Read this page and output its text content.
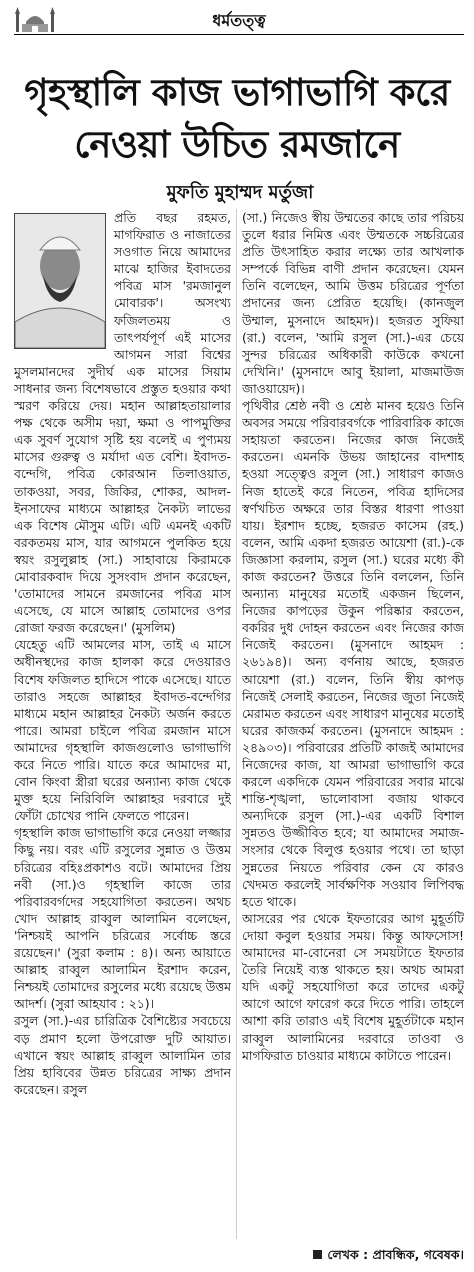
ধর্মতত্ত্ব
গৃহস্থালি কাজ ভাগাভাগি করে
নেওয়া উচিত রমজানে
মুফতি মুহাম্মদ মর্তুজা

প্রতি বছর রহমত, মাগফিরাত ও নাজাতের সওগাত নিয়ে আমাদের মাঝে হাজির ইবাদতের পবিত্র মাস 'রমজানুল মোবারক'। অসংখ্য ফজিলতময় ও তাৎপর্যপূর্ণ এই মাসের আগমন সারা বিশ্বের মুসলমানদের সুদীর্ঘ এক মাসের সিয়াম সাধনার জন্য বিশেষভাবে প্রস্তুত হওয়ার কথা স্মরণ করিয়ে দেয়। মহান আল্লাহতায়ালার পক্ষ থেকে অসীম দয়া, ক্ষমা ও পাপমুক্তির এক সুবর্ণ সুযোগ সৃষ্টি হয় বলেই এ পুণ্যময় মাসের গুরুত্ব ও মর্যাদা এত বেশি। ইবাদত-বন্দেগি, পবিত্র কোরআন তিলাওয়াত, তাকওয়া, সবর, জিকির, শোকর, আদল-ইনসাফের মাধ্যমে আল্লাহর নৈকট্য লাভের এক বিশেষ মৌসুম এটি। এটি এমনই একটি বরকতময় মাস, যার আগমনে পুলকিত হয়ে স্বয়ং রসুলুল্লাহ (সা.) সাহাবায়ে কিরামকে মোবারকবাদ দিয়ে সুসংবাদ প্রদান করেছেন, 'তোমাদের সামনে রমজানের পবিত্র মাস এসেছে, যে মাসে আল্লাহ তোমাদের ওপর রোজা ফরজ করেছেন।' (মুসলিম)

যেহেতু এটি আমলের মাস, তাই এ মাসে অধীনস্থদের কাজ হালকা করে দেওয়ারও বিশেষ ফজিলত হাদিসে পাকে এসেছে। যাতে তারাও সহজে আল্লাহর ইবাদত-বন্দেগির মাধ্যমে মহান আল্লাহর নৈকট্য অর্জন করতে পারে। আমরা চাইলে পবিত্র রমজান মাসে আমাদের গৃহস্থালি কাজগুলোও ভাগাভাগি করে নিতে পারি। যাতে করে আমাদের মা, বোন কিংবা স্ত্রীরা ঘরের অন্যান্য কাজ থেকে মুক্ত হয়ে নিরিবিলি আল্লাহর দরবারে দুই ফোঁটা চোখের পানি ফেলতে পারেন।

গৃহস্থালি কাজ ভাগাভাগি করে নেওয়া লজ্জার কিছু নয়। বরং এটি রসুলের সুন্নাত ও উত্তম চরিত্রের বহিঃপ্রকাশও বটে। আমাদের প্রিয় নবী (সা.)ও গৃহস্থালি কাজে তার পরিবারবর্গদের সহযোগিতা করতেন। অথচ খোদ আল্লাহ রাব্বুল আলামিন বলেছেন, 'নিশ্চয়ই আপনি চরিত্রের সর্বোচ্চ স্তরে রয়েছেন।' (সুরা কলাম : ৪)। অন্য আয়াতে আল্লাহ রাব্বুল আলামিন ইরশাদ করেন, নিশ্চয়ই তোমাদের রসুলের মধ্যে রয়েছে উত্তম আদর্শ। (সুরা আহযাব : ২১)।

রসুল (সা.)-এর চারিত্রিক বৈশিষ্ট্যের সবচেয়ে বড় প্রমাণ হলো উপরোক্ত দুটি আয়াত। এখানে স্বয়ং আল্লাহ রাব্বুল আলামিন তার প্রিয় হাবিবের উন্নত চরিত্রের সাক্ষ্য প্রদান করেছেন। রসুল

(সা.) নিজেও স্বীয় উম্মতের কাছে তার পরিচয় তুলে ধরার নিমিত্ত এবং উম্মতকে সচ্চরিত্রের প্রতি উৎসাহিত করার লক্ষ্যে তার আখলাক সম্পর্কে বিভিন্ন বাণী প্রদান করেছেন। যেমন তিনি বলেছেন, আমি উত্তম চরিত্রের পূর্ণতা প্রদানের জন্য প্রেরিত হয়েছি। (কানজুল উম্মাল, মুসনাদে আহমদ)। হজরত সুফিয়া (রা.) বলেন, 'আমি রসুল (সা.)-এর চেয়ে সুন্দর চরিত্রের অধিকারী কাউকে কখনো দেখিনি।' (মুসনাদে আবু ইয়ালা, মাজমাউজ জাওয়ায়েদ)।

পৃথিবীর শ্রেষ্ঠ নবী ও শ্রেষ্ঠ মানব হয়েও তিনি অবসর সময়ে পরিবারবর্গকে পারিবারিক কাজে সহায়তা করতেন। নিজের কাজ নিজেই করতেন। এমনকি উভয় জাহানের বাদশাহ হওয়া সত্ত্বেও রসুল (সা.) সাধারণ কাজও নিজ হাতেই করে নিতেন, পবিত্র হাদিসের স্বর্ণখচিত অক্ষরে তার বিস্তর ধারণা পাওয়া যায়। ইরশাদ হচ্ছে, হজরত কাসেম (রহ.) বলেন, আমি একদা হজরত আয়েশা (রা.)-কে জিজ্ঞাসা করলাম, রসুল (সা.) ঘরের মধ্যে কী কাজ করতেন? উত্তরে তিনি বললেন, তিনি অন্যান্য মানুষের মতোই একজন ছিলেন, নিজের কাপড়ের উকুন পরিষ্কার করতেন, বকরির দুধ দোহন করতেন এবং নিজের কাজ নিজেই করতেন। (মুসনাদে আহমদ : ২৬১৯৪)। অন্য বর্ণনায় আছে, হজরত আয়েশা (রা.) বলেন, তিনি স্বীয় কাপড় নিজেই সেলাই করতেন, নিজের জুতা নিজেই মেরামত করতেন এবং সাধারণ মানুষের মতোই ঘরের কাজকর্ম করতেন। (মুসনাদে আহমদ : ২৪৯০৩)। পরিবারের প্রতিটি কাজই আমাদের নিজেদের কাজ, যা আমরা ভাগাভাগি করে করলে একদিকে যেমন পরিবারের সবার মাঝে শান্তি-শৃঙ্খলা, ভালোবাসা বজায় থাকবে অন্যদিকে রসুল (সা.)-এর একটি বিশাল সুন্নতও উজ্জীবিত হবে; যা আমাদের সমাজ-সংসার থেকে বিলুপ্ত হওয়ার পথে। তা ছাড়া সুন্নতের নিয়তে পরিবার কেন যে কারও খেদমত করলেই সার্বক্ষণিক সওয়াব লিপিবদ্ধ হতে থাকে।

আসরের পর থেকে ইফতারের আগ মুহূর্তটি দোয়া কবুল হওয়ার সময়। কিন্তু আফসোস! আমাদের মা-বোনেরা সে সময়টাতে ইফতার তৈরি নিয়েই ব্যস্ত থাকতে হয়। অথচ আমরা যদি একটু সহযোগিতা করে তাদের একটু আগে আগে ফারেগ করে দিতে পারি। তাহলে আশা করি তারাও এই বিশেষ মুহূর্তটাকে মহান রাব্বুল আলামিনের দরবারে তাওবা ও মাগফিরাত চাওয়ার মাধ্যমে কাটাতে পারেন।

লেখক : প্রাবন্ধিক, গবেষক।
